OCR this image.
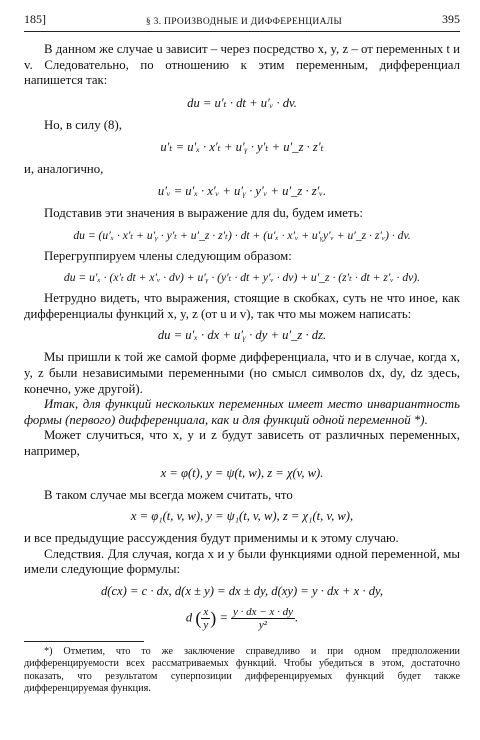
185]	§ 3. ПРОИЗВОДНЫЕ И ДИФФЕРЕНЦИАЛЫ	395

В данном же случае u зависит – через посредство x, y, z – от переменных t и v. Следовательно, по отношению к этим переменным, дифференциал напишется так:

du = u′ₜ · dt + u′ᵥ · dv.

Но, в силу (8),

u′ₜ = u′ₓ · x′ₜ + u′ᵧ · y′ₜ + u′_z · z′ₜ

и, аналогично,

u′ᵥ = u′ₓ · x′ᵥ + u′ᵧ · y′ᵥ + u′_z · z′ᵥ.

Подставив эти значения в выражение для du, будем иметь:

du = (u′ₓ · x′ₜ + u′ᵧ · y′ₜ + u′_z · z′ₜ) · dt + (u′ₓ · x′ᵥ + u′ᵧy′ᵥ + u′_z · z′ᵥ) · dv.

Перегруппируем члены следующим образом:

du = u′ₓ · (x′ₜ dt + x′ᵥ · dv) + u′ᵧ · (y′ₜ · dt + y′ᵥ · dv) + u′_z · (z′ₜ · dt + z′ᵥ · dv).

Нетрудно видеть, что выражения, стоящие в скобках, суть не что иное, как дифференциалы функций x, y, z (от u и v), так что мы можем написать:

du = u′ₓ · dx + u′ᵧ · dy + u′_z · dz.

Мы пришли к той же самой форме дифференциала, что и в случае, когда x, y, z были независимыми переменными (но смысл символов dx, dy, dz здесь, конечно, уже другой).

Итак, для функций нескольких переменных имеет место инвариантность формы (первого) дифференциала, как и для функций одной переменной *).

Может случиться, что x, y и z будут зависеть от различных переменных, например,

x = φ(t), y = ψ(t, w), z = χ(v, w).

В таком случае мы всегда можем считать, что

x = φ₁(t, v, w), y = ψ₁(t, v, w), z = χ₁(t, v, w),

и все предыдущие рассуждения будут применимы и к этому случаю.

Следствия. Для случая, когда x и y были функциями одной переменной, мы имели следующие формулы:

d(cx) = c · dx, d(x ± y) = dx ± dy, d(xy) = y · dx + x · dy,
d ( $\frac{x}{y}$ ) = $\frac{y \cdot dx - x \cdot dy}{\text{y²}}$ .

*) Отметим, что то же заключение справедливо и при одном предположении дифференцируемости всех рассматриваемых функций. Чтобы убедиться в этом, достаточно показать, что результатом суперпозиции дифференцируемых функций будет также дифференцируемая функция.
